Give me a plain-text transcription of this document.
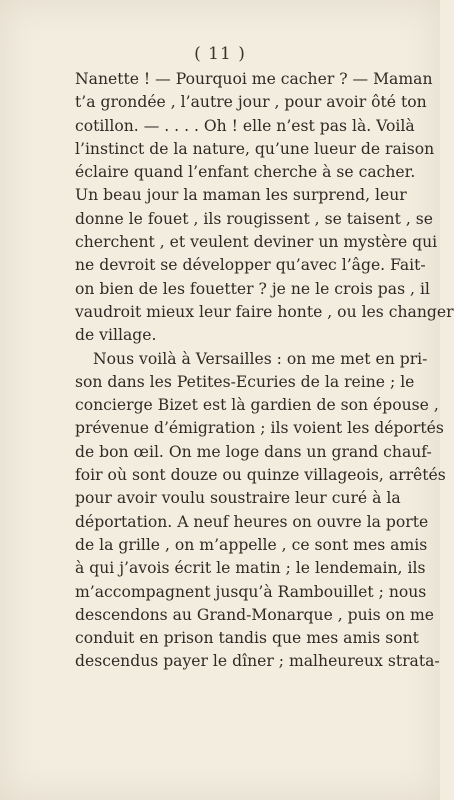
( 11 )
Nanette ! — Pourquoi me cacher ? — Maman
t’a grondée , l’autre jour , pour avoir ôté ton
cotillon. — . . . . Oh ! elle n’est pas là. Voilà
l’instinct de la nature, qu’une lueur de raison
éclaire quand l’enfant cherche à se cacher.
Un beau jour la maman les surprend, leur
donne le fouet , ils rougissent , se taisent , se
cherchent , et veulent deviner un mystère qui
ne devroit se développer qu’avec l’âge. Fait-
on bien de les fouetter ? je ne le crois pas , il
vaudroit mieux leur faire honte , ou les changer
de village.
Nous voilà à Versailles : on me met en pri-
son dans les Petites-Ecuries de la reine ; le
concierge Bizet est là gardien de son épouse ,
prévenue d’émigration ; ils voient les déportés
de bon œil. On me loge dans un grand chauf-
foir où sont douze ou quinze villageois, arrêtés
pour avoir voulu soustraire leur curé à la
déportation. A neuf heures on ouvre la porte
de la grille , on m’appelle , ce sont mes amis
à qui j’avois écrit le matin ; le lendemain, ils
m’accompagnent jusqu’à Rambouillet ; nous
descendons au Grand-Monarque , puis on me
conduit en prison tandis que mes amis sont
descendus payer le dîner ; malheureux strata-
